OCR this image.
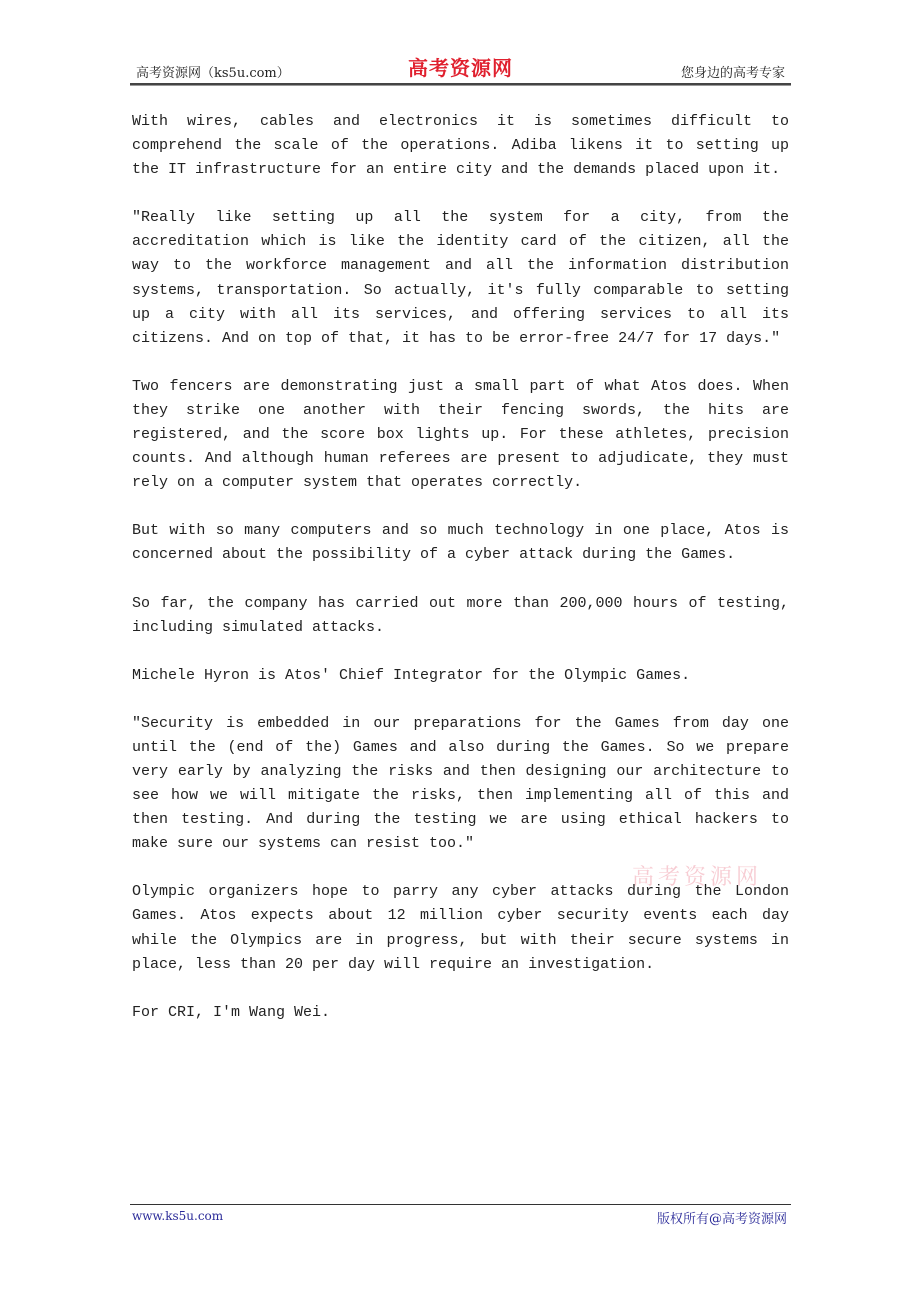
高考资源网（ks5u.com）	高考资源网	您身边的高考专家

With wires, cables and electronics it is sometimes difficult to comprehend the scale of the operations. Adiba likens it to setting up the IT infrastructure for an entire city and the demands placed upon it.

"Really like setting up all the system for a city, from the accreditation which is like the identity card of the citizen, all the way to the workforce management and all the information distribution systems, transportation. So actually, it's fully comparable to setting up a city with all its services, and offering services to all its citizens. And on top of that, it has to be error-free 24/7 for 17 days."

Two fencers are demonstrating just a small part of what Atos does. When they strike one another with their fencing swords, the hits are registered, and the score box lights up. For these athletes, precision counts. And although human referees are present to adjudicate, they must rely on a computer system that operates correctly.

But with so many computers and so much technology in one place, Atos is concerned about the possibility of a cyber attack during the Games.

So far, the company has carried out more than 200,000 hours of testing, including simulated attacks.

Michele Hyron is Atos' Chief Integrator for the Olympic Games.

"Security is embedded in our preparations for the Games from day one until the (end of the) Games and also during the Games. So we prepare very early by analyzing the risks and then designing our architecture to see how we will mitigate the risks, then implementing all of this and then testing. And during the testing we are using ethical hackers to make sure our systems can resist too."

Olympic organizers hope to parry any cyber attacks during the London Games. Atos expects about 12 million cyber security events each day while the Olympics are in progress, but with their secure systems in place, less than 20 per day will require an investigation.

For CRI, I'm Wang Wei.

高考资源网
www.ks5u.com	版权所有@高考资源网
